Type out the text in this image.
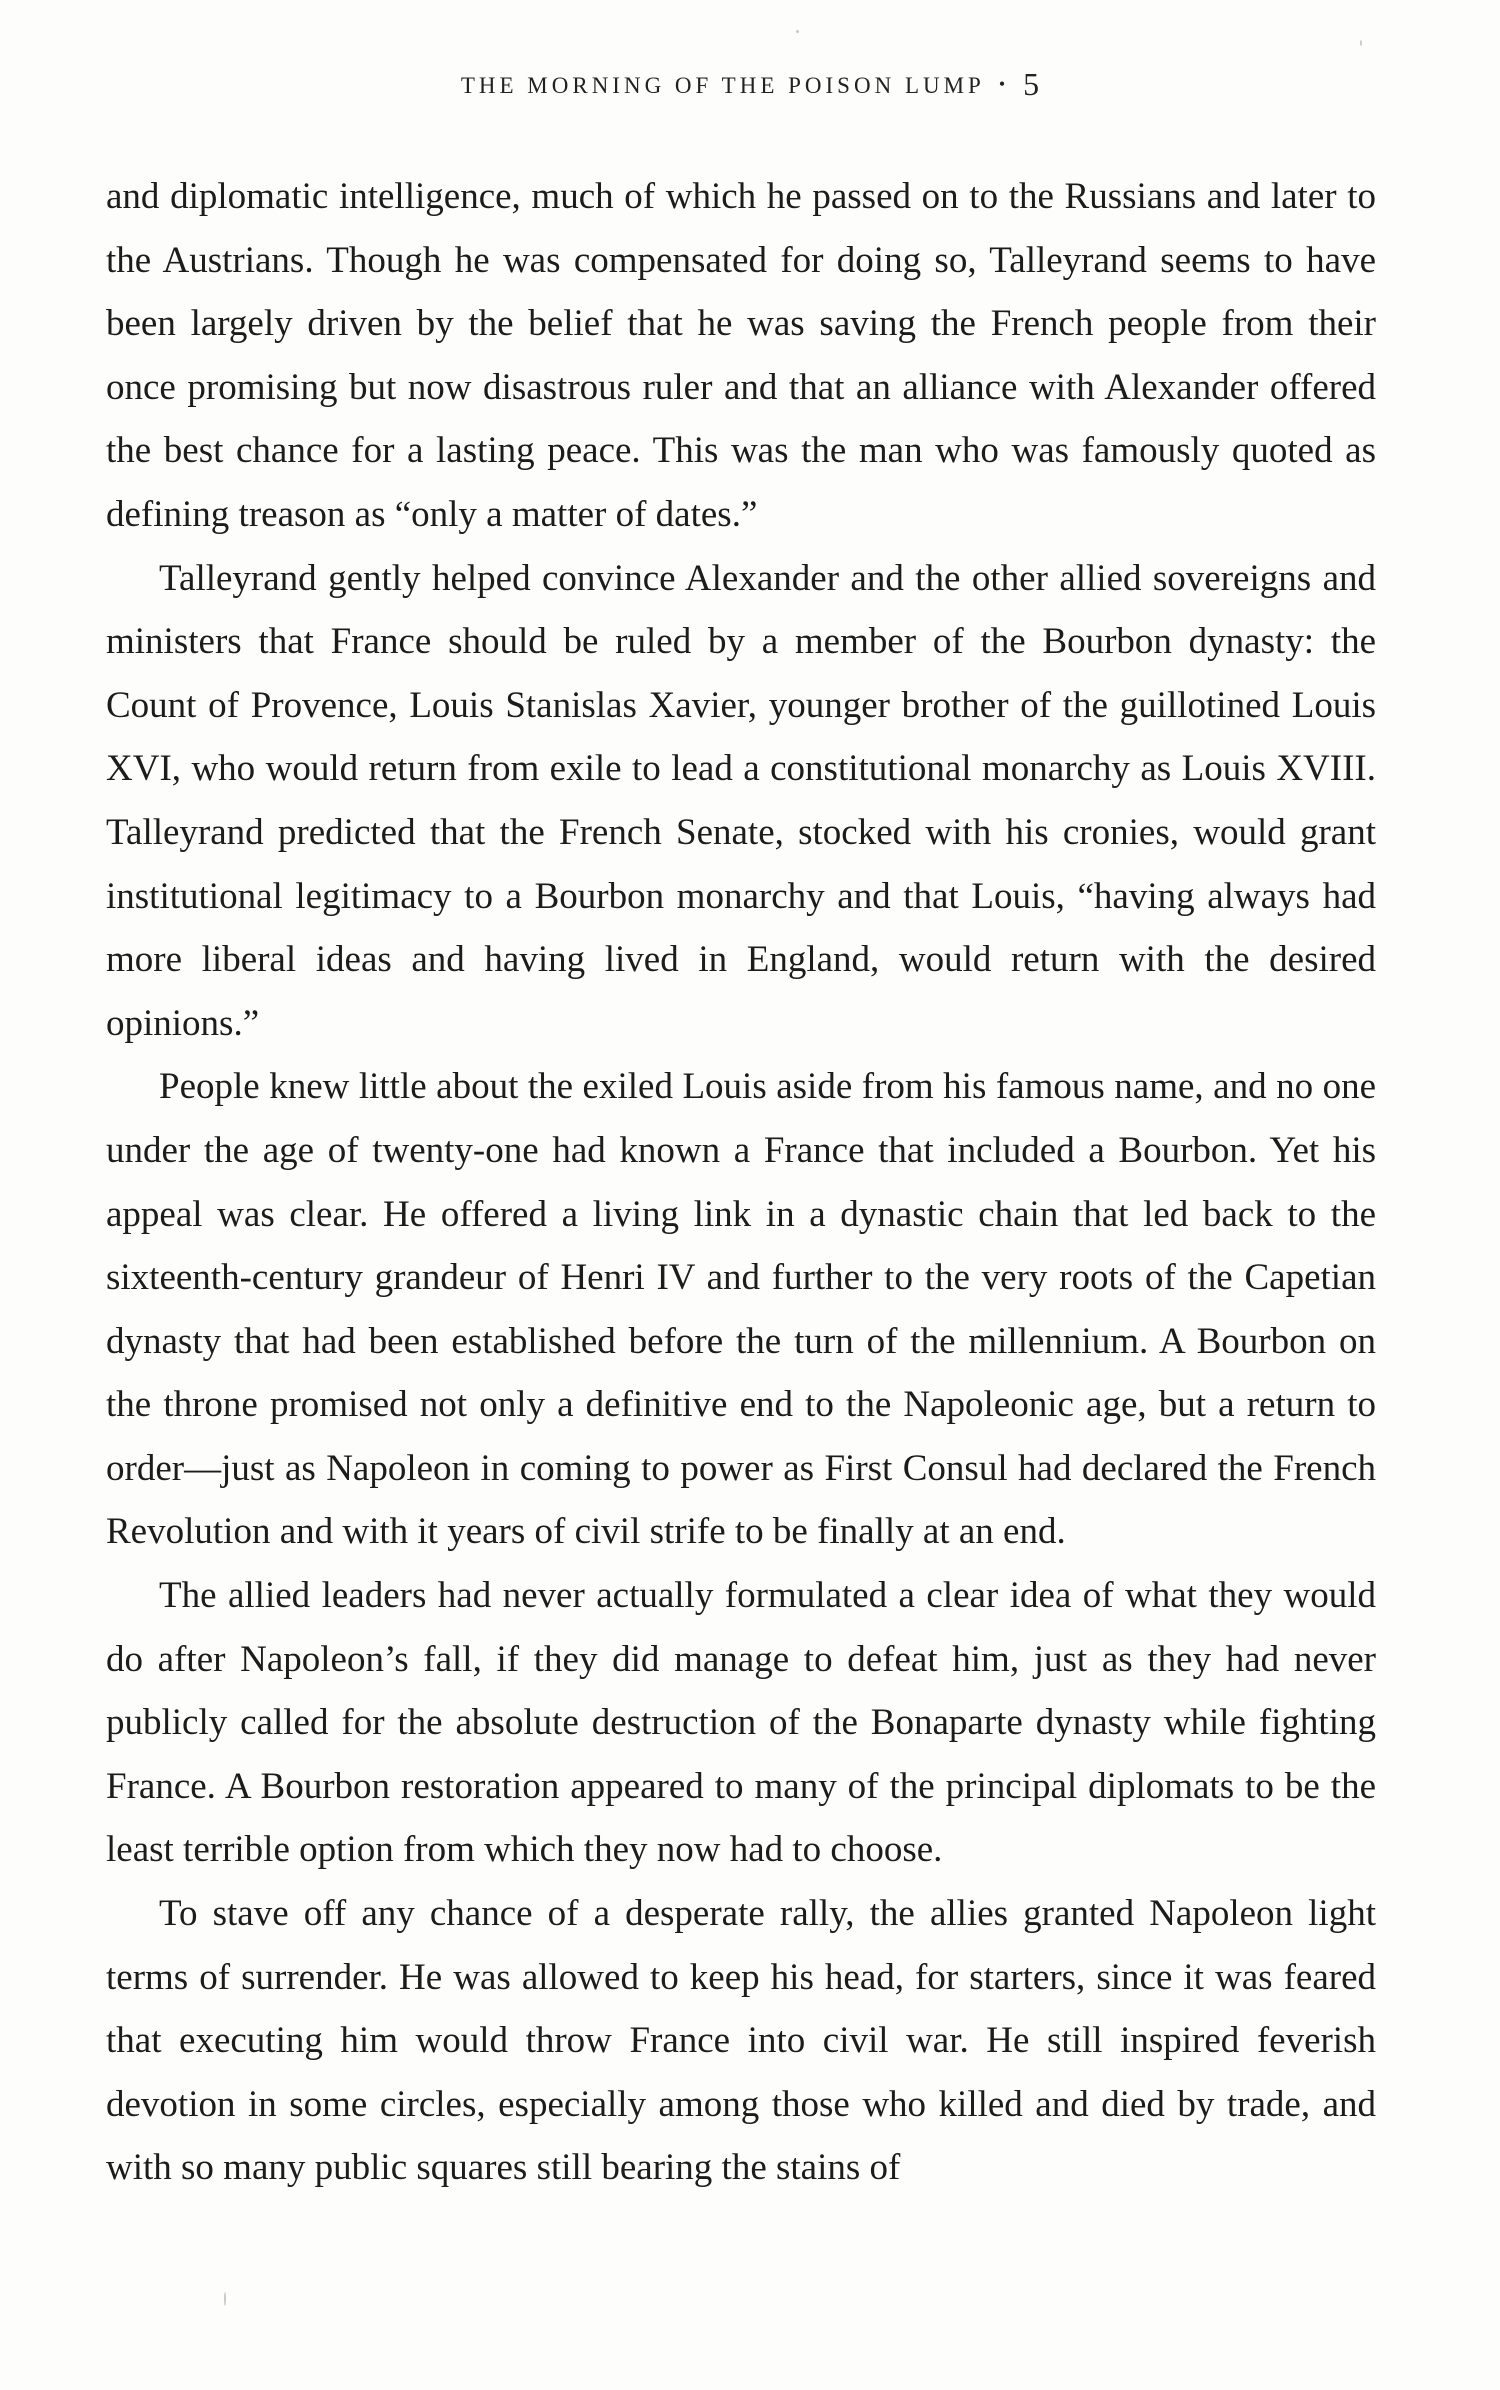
THE MORNING OF THE POISON LUMP • 5

and diplomatic intelligence, much of which he passed on to the Russians and later to the Austrians. Though he was compensated for doing so, Talleyrand seems to have been largely driven by the belief that he was saving the French people from their once promising but now disastrous ruler and that an alliance with Alexander offered the best chance for a lasting peace. This was the man who was famously quoted as defining treason as “only a matter of dates.”

Talleyrand gently helped convince Alexander and the other allied sovereigns and ministers that France should be ruled by a member of the Bourbon dynasty: the Count of Provence, Louis Stanislas Xavier, younger brother of the guillotined Louis XVI, who would return from exile to lead a constitutional monarchy as Louis XVIII. Talleyrand predicted that the French Senate, stocked with his cronies, would grant institutional legitimacy to a Bourbon monarchy and that Louis, “having always had more liberal ideas and having lived in England, would return with the desired opinions.”

People knew little about the exiled Louis aside from his famous name, and no one under the age of twenty-one had known a France that included a Bourbon. Yet his appeal was clear. He offered a living link in a dynastic chain that led back to the sixteenth-century grandeur of Henri IV and further to the very roots of the Capetian dynasty that had been established before the turn of the millennium. A Bourbon on the throne promised not only a definitive end to the Napoleonic age, but a return to order—just as Napoleon in coming to power as First Consul had declared the French Revolution and with it years of civil strife to be finally at an end.

The allied leaders had never actually formulated a clear idea of what they would do after Napoleon’s fall, if they did manage to defeat him, just as they had never publicly called for the absolute destruction of the Bonaparte dynasty while fighting France. A Bourbon restoration appeared to many of the principal diplomats to be the least terrible option from which they now had to choose.

To stave off any chance of a desperate rally, the allies granted Napoleon light terms of surrender. He was allowed to keep his head, for starters, since it was feared that executing him would throw France into civil war. He still inspired feverish devotion in some circles, especially among those who killed and died by trade, and with so many public squares still bearing the stains of
